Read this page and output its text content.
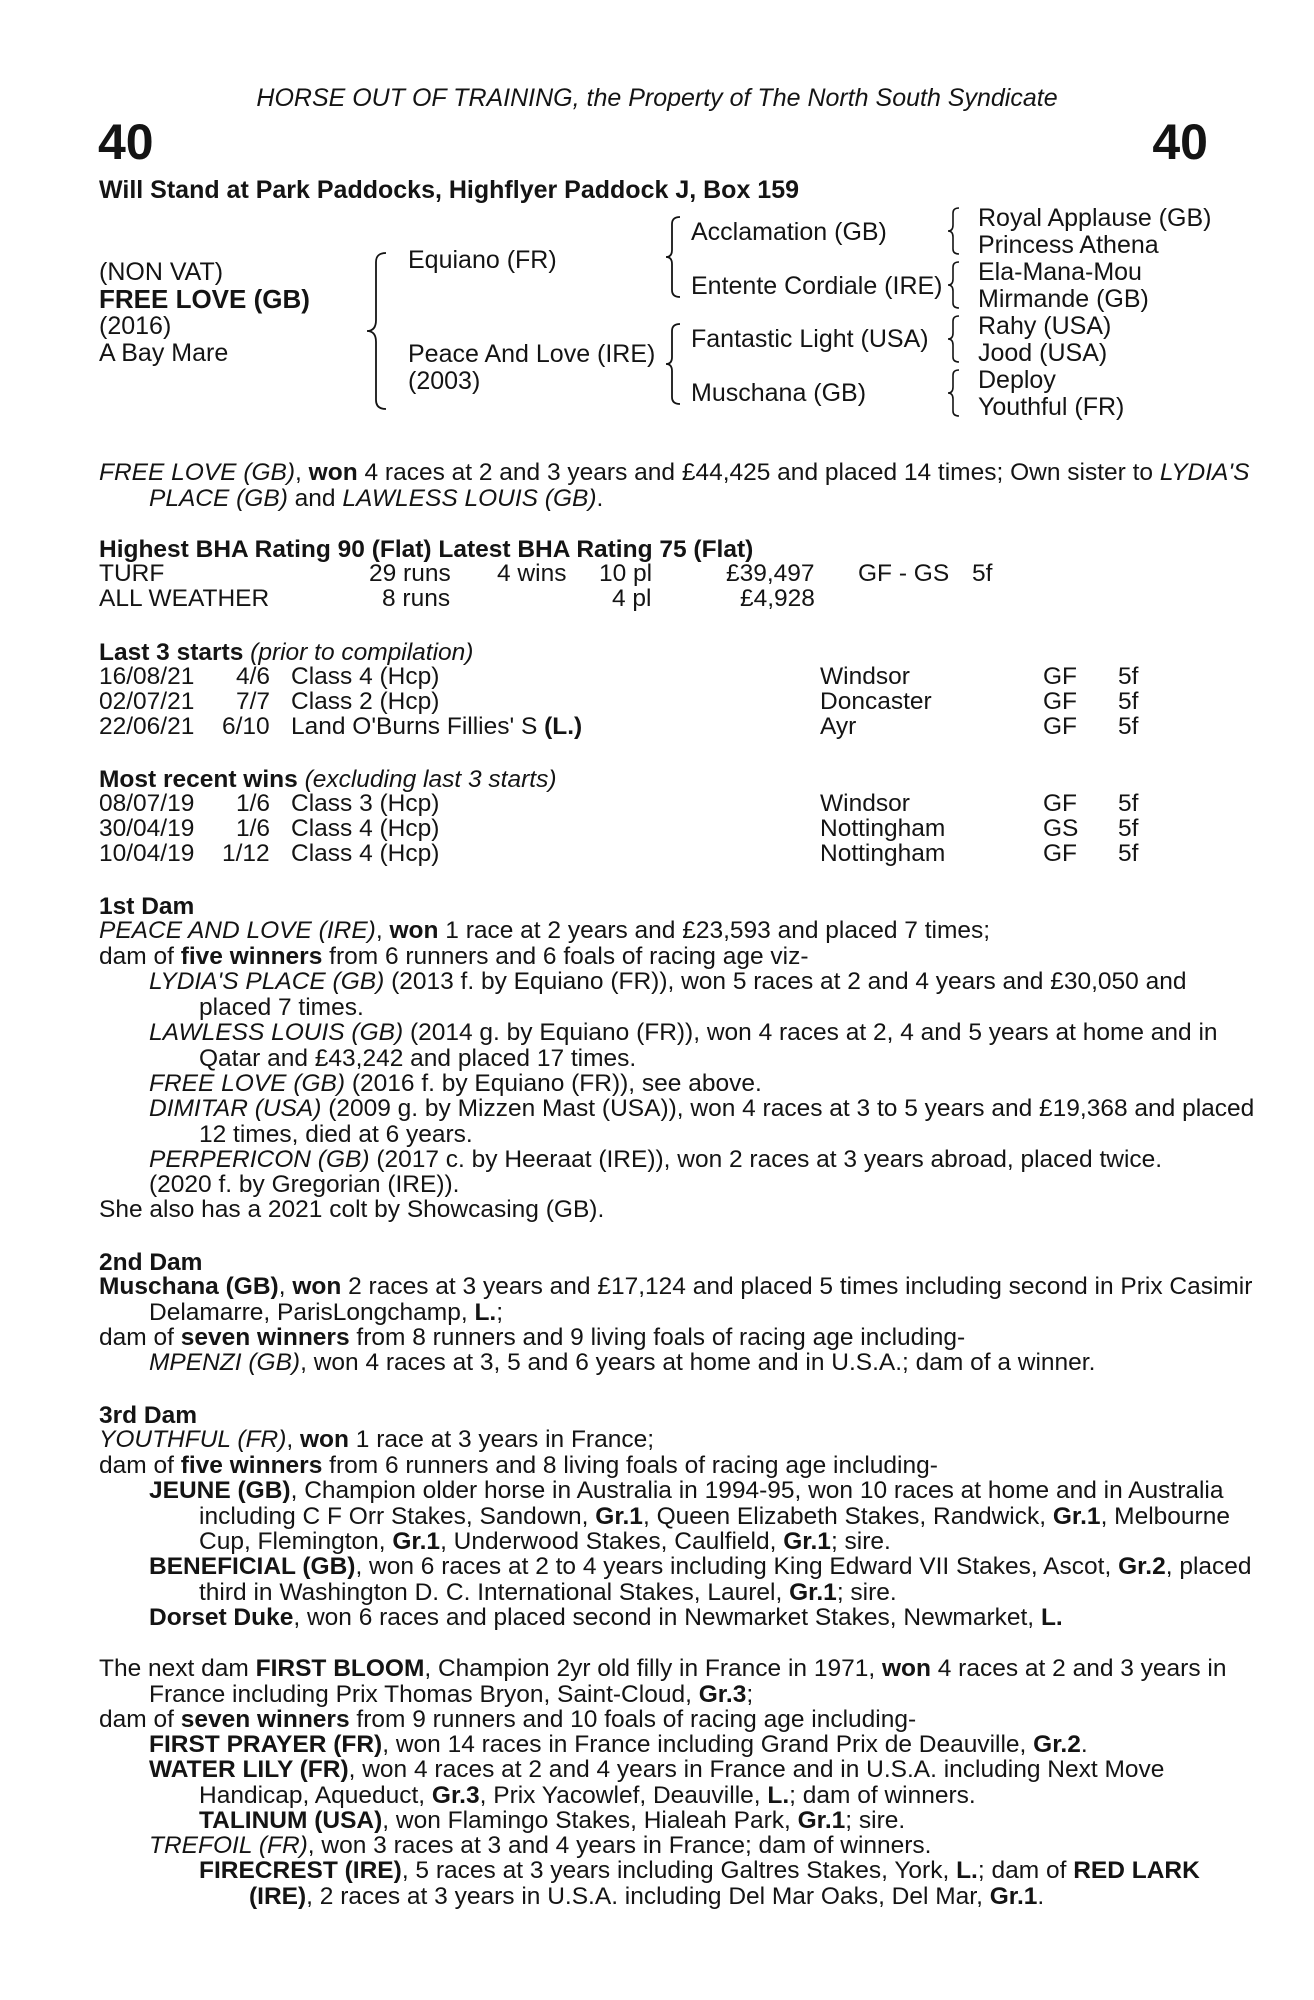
HORSE OUT OF TRAINING, the Property of The North South Syndicate
40	40
Will Stand at Park Paddocks, Highflyer Paddock J, Box 159
(NON VAT)
FREE LOVE (GB)
(2016)
A Bay Mare
Equiano (FR)
Peace And Love (IRE)
(2003)
Acclamation (GB)
Entente Cordiale (IRE)
Fantastic Light (USA)
Muschana (GB)
Royal Applause (GB)
Princess Athena
Ela-Mana-Mou
Mirmande (GB)
Rahy (USA)
Jood (USA)
Deploy
Youthful (FR)

FREE LOVE (GB), won 4 races at 2 and 3 years and £44,425 and placed 14 times; Own sister to LYDIA'S PLACE (GB) and LAWLESS LOUIS (GB).

Highest BHA Rating 90 (Flat) Latest BHA Rating 75 (Flat)
TURF	29 runs 4 wins 10 pl	£39,497 GF - GS 5f
ALL WEATHER	8 runs	4 pl	£4,928
Last 3 starts (prior to compilation)
16/08/21 4/6 Class 4 (Hcp)	Windsor	GF 5f
02/07/21 7/7 Class 2 (Hcp)	Doncaster	GF 5f
22/06/21 6/10 Land O'Burns Fillies' S (L.)	Ayr	GF 5f
Most recent wins (excluding last 3 starts)
08/07/19 1/6 Class 3 (Hcp)	Windsor	GF 5f
30/04/19 1/6 Class 4 (Hcp)	Nottingham	GS 5f
10/04/19 1/12 Class 4 (Hcp)	Nottingham	GF 5f
1st Dam

PEACE AND LOVE (IRE), won 1 race at 2 years and £23,593 and placed 7 times;
dam of five winners from 6 runners and 6 foals of racing age viz-

LYDIA'S PLACE (GB) (2013 f. by Equiano (FR)), won 5 races at 2 and 4 years and £30,050 and placed 7 times.

LAWLESS LOUIS (GB) (2014 g. by Equiano (FR)), won 4 races at 2, 4 and 5 years at home and in Qatar and £43,242 and placed 17 times.

FREE LOVE (GB) (2016 f. by Equiano (FR)), see above.

DIMITAR (USA) (2009 g. by Mizzen Mast (USA)), won 4 races at 3 to 5 years and £19,368 and placed 12 times, died at 6 years.

PERPERICON (GB) (2017 c. by Heeraat (IRE)), won 2 races at 3 years abroad, placed twice.

(2020 f. by Gregorian (IRE)).

She also has a 2021 colt by Showcasing (GB).

2nd Dam

Muschana (GB), won 2 races at 3 years and £17,124 and placed 5 times including second in Prix Casimir Delamarre, ParisLongchamp, L.;

dam of seven winners from 8 runners and 9 living foals of racing age including-

MPENZI (GB), won 4 races at 3, 5 and 6 years at home and in U.S.A.; dam of a winner.

3rd Dam

YOUTHFUL (FR), won 1 race at 3 years in France;
dam of five winners from 6 runners and 8 living foals of racing age including-

JEUNE (GB), Champion older horse in Australia in 1994-95, won 10 races at home and in Australia including C F Orr Stakes, Sandown, Gr.1, Queen Elizabeth Stakes, Randwick, Gr.1, Melbourne Cup, Flemington, Gr.1, Underwood Stakes, Caulfield, Gr.1; sire.

BENEFICIAL (GB), won 6 races at 2 to 4 years including King Edward VII Stakes, Ascot, Gr.2, placed third in Washington D. C. International Stakes, Laurel, Gr.1; sire.

Dorset Duke, won 6 races and placed second in Newmarket Stakes, Newmarket, L.

The next dam FIRST BLOOM, Champion 2yr old filly in France in 1971, won 4 races at 2 and 3 years in France including Prix Thomas Bryon, Saint-Cloud, Gr.3;

dam of seven winners from 9 runners and 10 foals of racing age including-

FIRST PRAYER (FR), won 14 races in France including Grand Prix de Deauville, Gr.2.

WATER LILY (FR), won 4 races at 2 and 4 years in France and in U.S.A. including Next Move Handicap, Aqueduct, Gr.3, Prix Yacowlef, Deauville, L.; dam of winners.

TALINUM (USA), won Flamingo Stakes, Hialeah Park, Gr.1; sire.

TREFOIL (FR), won 3 races at 3 and 4 years in France; dam of winners.

FIRECREST (IRE), 5 races at 3 years including Galtres Stakes, York, L.; dam of RED LARK (IRE), 2 races at 3 years in U.S.A. including Del Mar Oaks, Del Mar, Gr.1.
